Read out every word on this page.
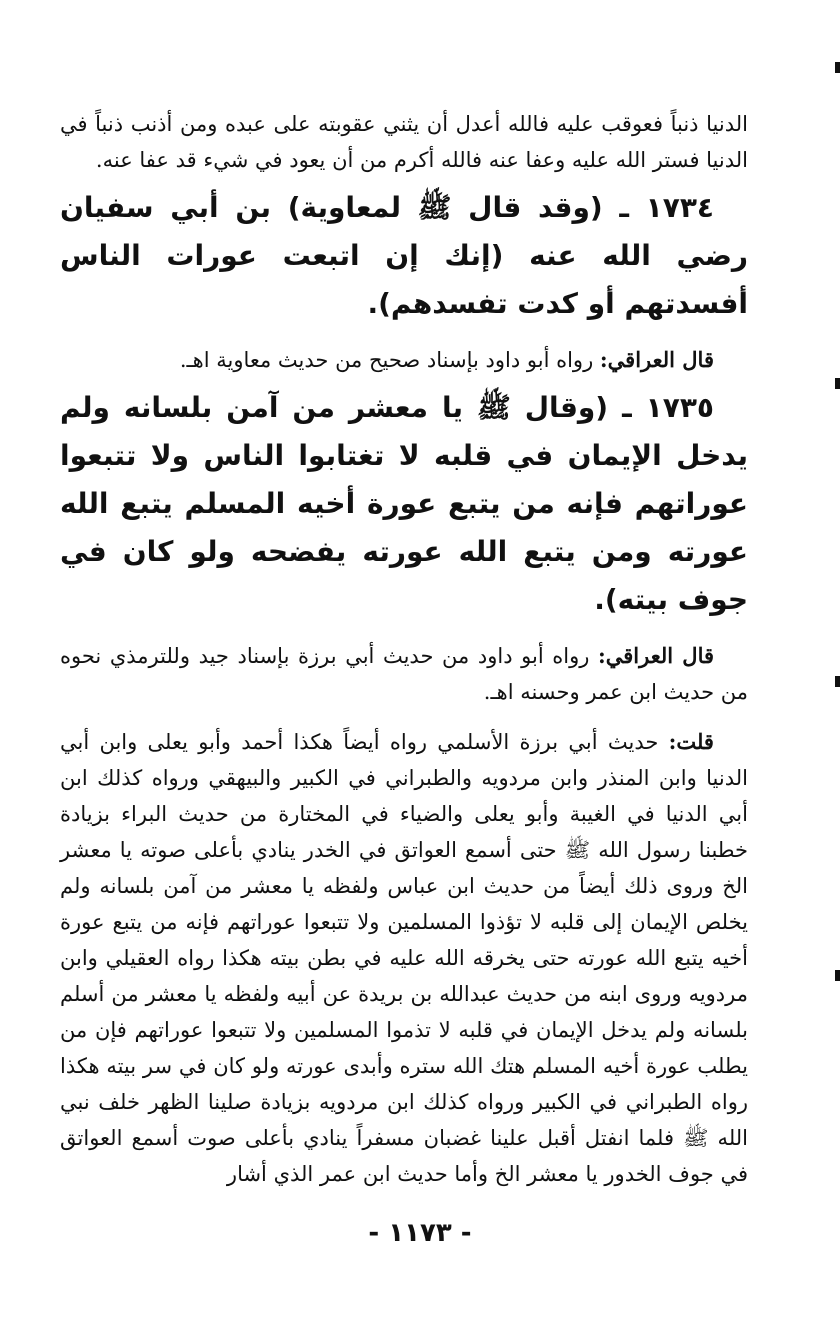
الدنيا ذنباً فعوقب عليه فالله أعدل أن يثني عقوبته على عبده ومن أذنب ذنباً في الدنيا فستر الله عليه وعفا عنه فالله أكرم من أن يعود في شيء قد عفا عنه.

١٧٣٤ ـ (وقد قال ﷺ لمعاوية) بن أبي سفيان رضي الله عنه (إنك إن اتبعت عورات الناس أفسدتهم أو كدت تفسدهم).

قال العراقي: رواه أبو داود بإسناد صحيح من حديث معاوية اهـ.

١٧٣٥ ـ (وقال ﷺ يا معشر من آمن بلسانه ولم يدخل الإيمان في قلبه لا تغتابوا الناس ولا تتبعوا عوراتهم فإنه من يتبع عورة أخيه المسلم يتبع الله عورته ومن يتبع الله عورته يفضحه ولو كان في جوف بيته).

قال العراقي: رواه أبو داود من حديث أبي برزة بإسناد جيد وللترمذي نحوه من حديث ابن عمر وحسنه اهـ.

قلت: حديث أبي برزة الأسلمي رواه أيضاً هكذا أحمد وأبو يعلى وابن أبي الدنيا وابن المنذر وابن مردويه والطبراني في الكبير والبيهقي ورواه كذلك ابن أبي الدنيا في الغيبة وأبو يعلى والضياء في المختارة من حديث البراء بزيادة خطبنا رسول الله ﷺ حتى أسمع العواتق في الخدر ينادي بأعلى صوته يا معشر الخ وروى ذلك أيضاً من حديث ابن عباس ولفظه يا معشر من آمن بلسانه ولم يخلص الإيمان إلى قلبه لا تؤذوا المسلمين ولا تتبعوا عوراتهم فإنه من يتبع عورة أخيه يتبع الله عورته حتى يخرقه الله عليه في بطن بيته هكذا رواه العقيلي وابن مردويه وروى ابنه من حديث عبدالله بن بريدة عن أبيه ولفظه يا معشر من أسلم بلسانه ولم يدخل الإيمان في قلبه لا تذموا المسلمين ولا تتبعوا عوراتهم فإن من يطلب عورة أخيه المسلم هتك الله ستره وأبدى عورته ولو كان في سر بيته هكذا رواه الطبراني في الكبير ورواه كذلك ابن مردويه بزيادة صلينا الظهر خلف نبي الله ﷺ فلما انفتل أقبل علينا غضبان مسفراً ينادي بأعلى صوت أسمع العواتق في جوف الخدور يا معشر الخ وأما حديث ابن عمر الذي أشار

- ١١٧٣ -
